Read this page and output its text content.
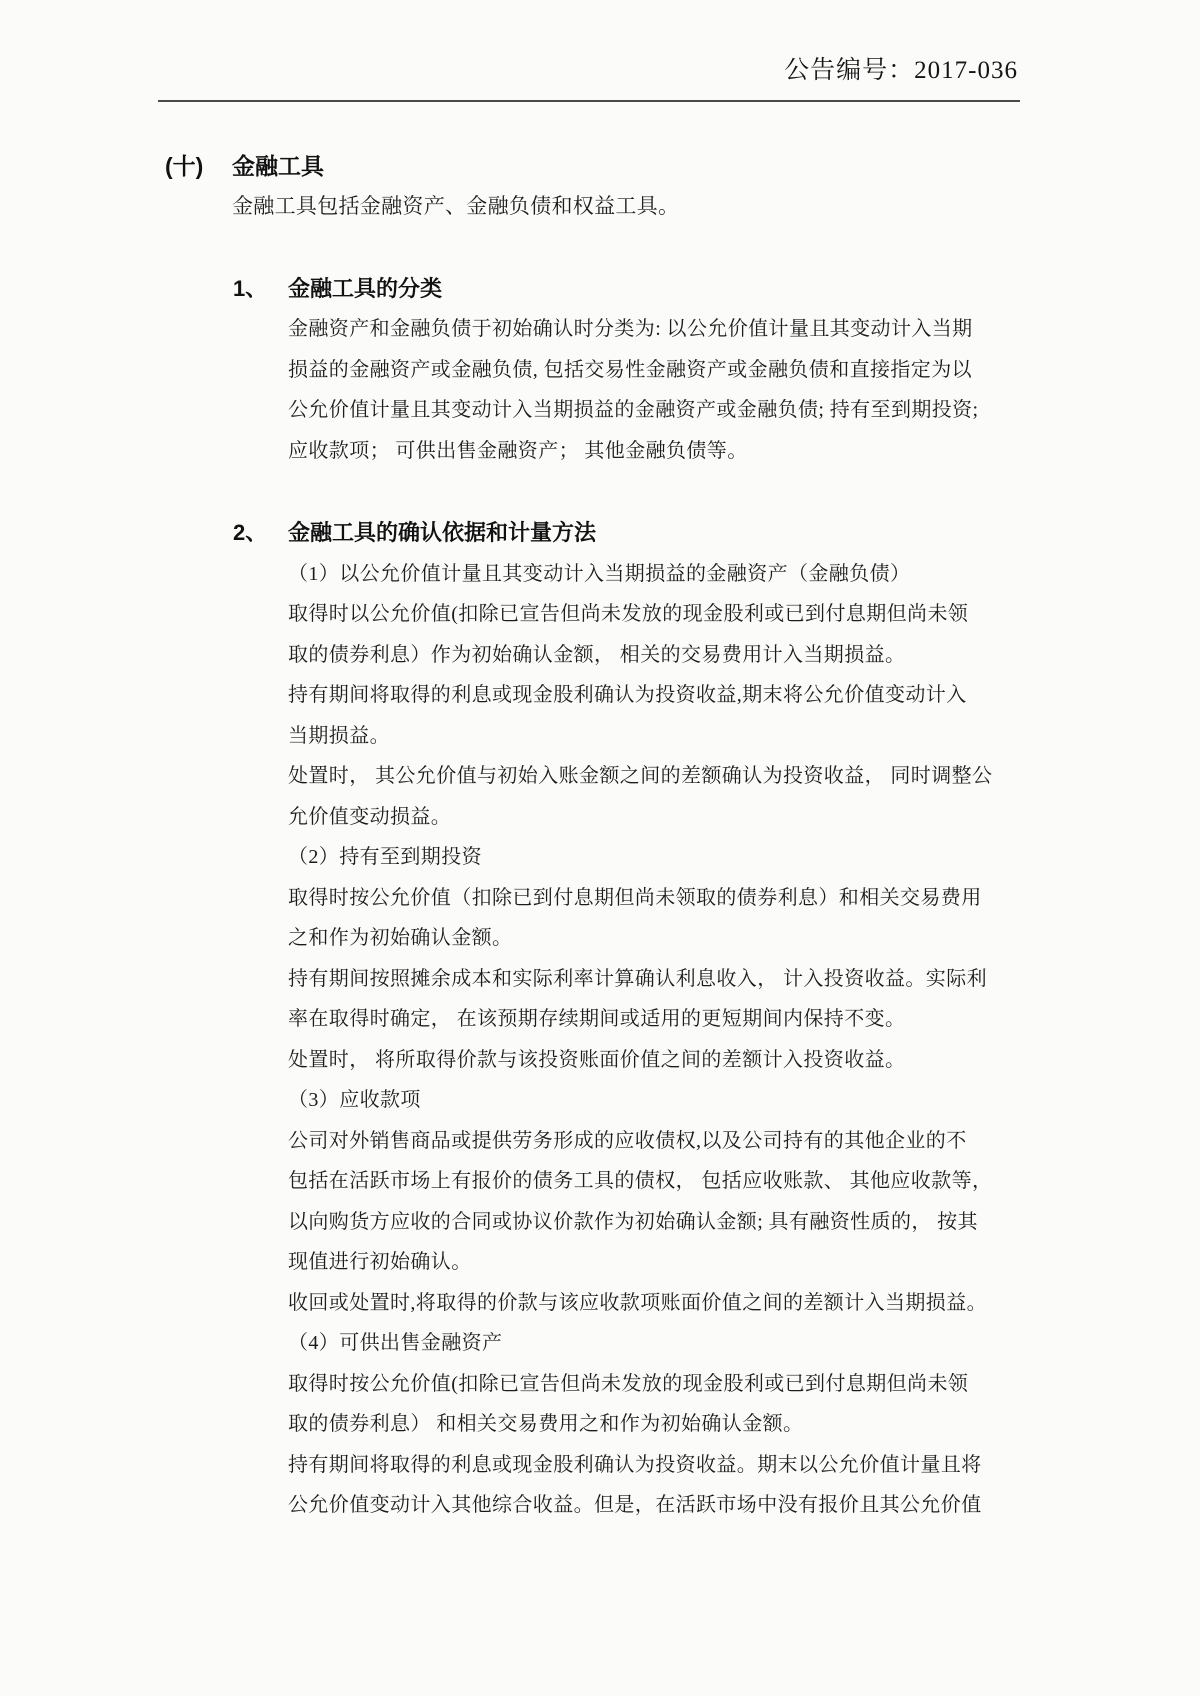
公告编号：2017-036
(十) 金融工具
金融工具包括金融资产、金融负债和权益工具。
1、 金融工具的分类
金融资产和金融负债于初始确认时分类为: 以公允价值计量且其变动计入当期
损益的金融资产或金融负债, 包括交易性金融资产或金融负债和直接指定为以
公允价值计量且其变动计入当期损益的金融资产或金融负债; 持有至到期投资;
应收款项； 可供出售金融资产； 其他金融负债等。
2、 金融工具的确认依据和计量方法
（1）以公允价值计量且其变动计入当期损益的金融资产（金融负债）
取得时以公允价值(扣除已宣告但尚未发放的现金股利或已到付息期但尚未领
取的债券利息）作为初始确认金额， 相关的交易费用计入当期损益。
持有期间将取得的利息或现金股利确认为投资收益,期末将公允价值变动计入
当期损益。
处置时， 其公允价值与初始入账金额之间的差额确认为投资收益， 同时调整公
允价值变动损益。
（2）持有至到期投资
取得时按公允价值（扣除已到付息期但尚未领取的债券利息）和相关交易费用
之和作为初始确认金额。
持有期间按照摊余成本和实际利率计算确认利息收入， 计入投资收益。实际利
率在取得时确定， 在该预期存续期间或适用的更短期间内保持不变。
处置时， 将所取得价款与该投资账面价值之间的差额计入投资收益。
（3）应收款项
公司对外销售商品或提供劳务形成的应收债权,以及公司持有的其他企业的不
包括在活跃市场上有报价的债务工具的债权， 包括应收账款、 其他应收款等，
以向购货方应收的合同或协议价款作为初始确认金额; 具有融资性质的， 按其
现值进行初始确认。
收回或处置时,将取得的价款与该应收款项账面价值之间的差额计入当期损益。
（4）可供出售金融资产
取得时按公允价值(扣除已宣告但尚未发放的现金股利或已到付息期但尚未领
取的债券利息） 和相关交易费用之和作为初始确认金额。
持有期间将取得的利息或现金股利确认为投资收益。期末以公允价值计量且将
公允价值变动计入其他综合收益。但是，在活跃市场中没有报价且其公允价值
